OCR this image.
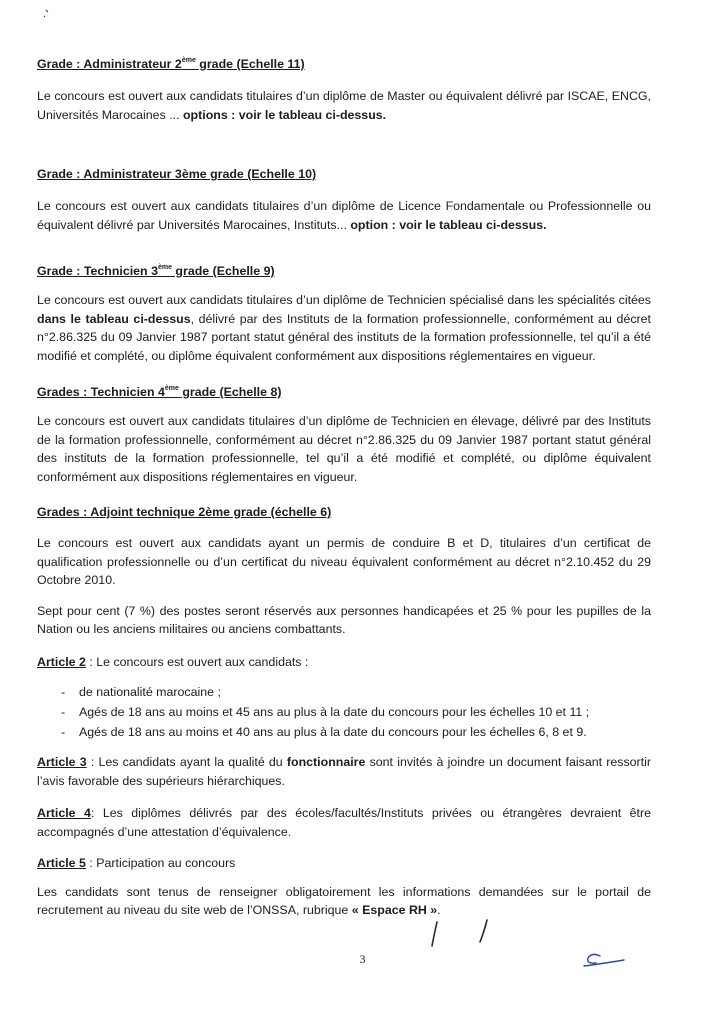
Grade : Administrateur 2ème grade (Echelle 11)

Le concours est ouvert aux candidats titulaires d’un diplôme de Master ou équivalent délivré par ISCAE, ENCG, Universités Marocaines ... options : voir le tableau ci-dessus.

Grade : Administrateur 3ème grade (Echelle 10)

Le concours est ouvert aux candidats titulaires d’un diplôme de Licence Fondamentale ou Professionnelle ou équivalent délivré par Universités Marocaines, Instituts... option : voir le tableau ci-dessus.

Grade : Technicien 3ème grade (Echelle 9)

Le concours est ouvert aux candidats titulaires d’un diplôme de Technicien spécialisé dans les spécialités citées dans le tableau ci-dessus, délivré par des Instituts de la formation professionnelle, conformément au décret n°2.86.325 du 09 Janvier 1987 portant statut général des instituts de la formation professionnelle, tel qu’il a été modifié et complété, ou diplôme équivalent conformément aux dispositions réglementaires en vigueur.

Grades : Technicien 4ème grade (Echelle 8)

Le concours est ouvert aux candidats titulaires d’un diplôme de Technicien en élevage, délivré par des Instituts de la formation professionnelle, conformément au décret n°2.86.325 du 09 Janvier 1987 portant statut général des instituts de la formation professionnelle, tel qu’il a été modifié et complété, ou diplôme équivalent conformément aux dispositions réglementaires en vigueur.

Grades : Adjoint technique 2ème grade (échelle 6)

Le concours est ouvert aux candidats ayant un permis de conduire B et D, titulaires d’un certificat de qualification professionnelle ou d’un certificat du niveau équivalent conformément au décret n°2.10.452 du 29 Octobre 2010.

Sept pour cent (7 %) des postes seront réservés aux personnes handicapées et 25 % pour les pupilles de la Nation ou les anciens militaires ou anciens combattants.

Article 2 : Le concours est ouvert aux candidats :

- de nationalité marocaine ;
- Agés de 18 ans au moins et 45 ans au plus à la date du concours pour les échelles 10 et 11 ;
- Agés de 18 ans au moins et 40 ans au plus à la date du concours pour les échelles 6, 8 et 9.

Article 3 : Les candidats ayant la qualité du fonctionnaire sont invités à joindre un document faisant ressortir l’avis favorable des supérieurs hiérarchiques.

Article 4: Les diplômes délivrés par des écoles/facultés/Instituts privées ou étrangères devraient être accompagnés d’une attestation d’équivalence.

Article 5 : Participation au concours

Les candidats sont tenus de renseigner obligatoirement les informations demandées sur le portail de recrutement au niveau du site web de l’ONSSA, rubrique « Espace RH ».

3
